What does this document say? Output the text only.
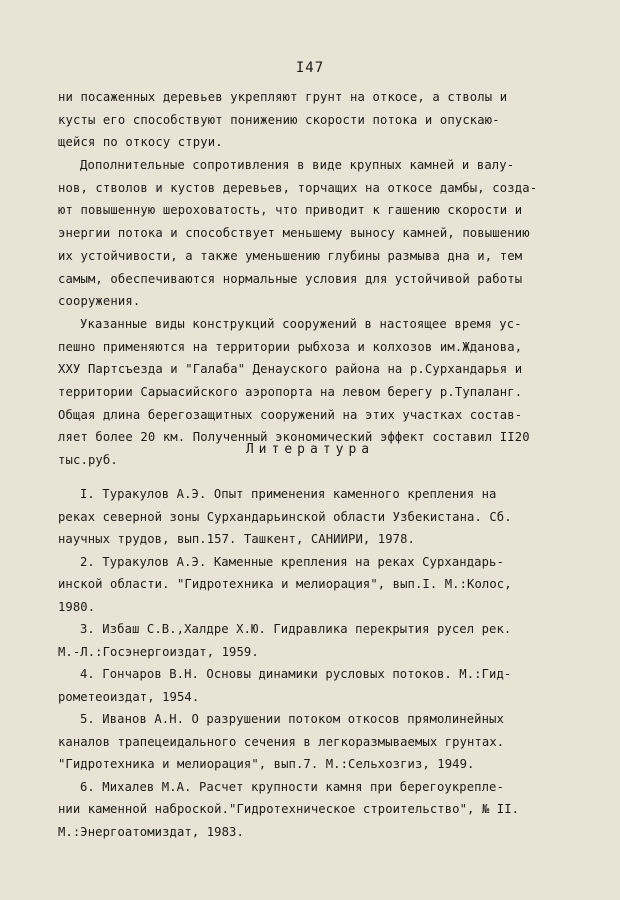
I47
ни посаженных деревьев укрепляют грунт на откосе, а стволы и
кусты его способствуют понижению скорости потока и опускаю-
щейся по откосу струи.
Дополнительные сопротивления в виде крупных камней и валу-
нов, стволов и кустов деревьев, торчащих на откосе дамбы, созда-
ют повышенную шероховатость, что приводит к гашению скорости и
энергии потока и способствует меньшему выносу камней, повышению
их устойчивости, а также уменьшению глубины размыва дна и, тем
самым, обеспечиваются нормальные условия для устойчивой работы
сооружения.
Указанные виды конструкций сооружений в настоящее время ус-
пешно применяются на территории рыбхоза и колхозов им.Жданова,
ХХУ Партсъезда и "Галаба" Денауского района на р.Сурхандарья и
территории Сарыасийского аэропорта на левом берегу р.Тупаланг.
Общая длина берегозащитных сооружений на этих участках состав-
ляет более 20 км. Полученный экономический эффект составил II20
тыс.руб.
Литература
I. Туракулов А.Э. Опыт применения каменного крепления на
реках северной зоны Сурхандарьинской области Узбекистана. Сб.
научных трудов, вып.157. Ташкент, САНИИРИ, 1978.
2. Туракулов А.Э. Каменные крепления на реках Сурхандарь-
инской области. "Гидротехника и мелиорация", вып.I. М.:Колос,
1980.
3. Избаш С.В.,Халдре Х.Ю. Гидравлика перекрытия русел рек.
М.-Л.:Госэнергоиздат, 1959.
4. Гончаров В.Н. Основы динамики русловых потоков. М.:Гид-
рометеоиздат, 1954.
5. Иванов А.Н. О разрушении потоком откосов прямолинейных
каналов трапецеидального сечения в легкоразмываемых грунтах.
"Гидротехника и мелиорация", вып.7. М.:Сельхозгиз, 1949.
6. Михалев М.А. Расчет крупности камня при берегоукрепле-
нии каменной наброской."Гидротехническое строительство", № II.
М.:Энергоатомиздат, 1983.
